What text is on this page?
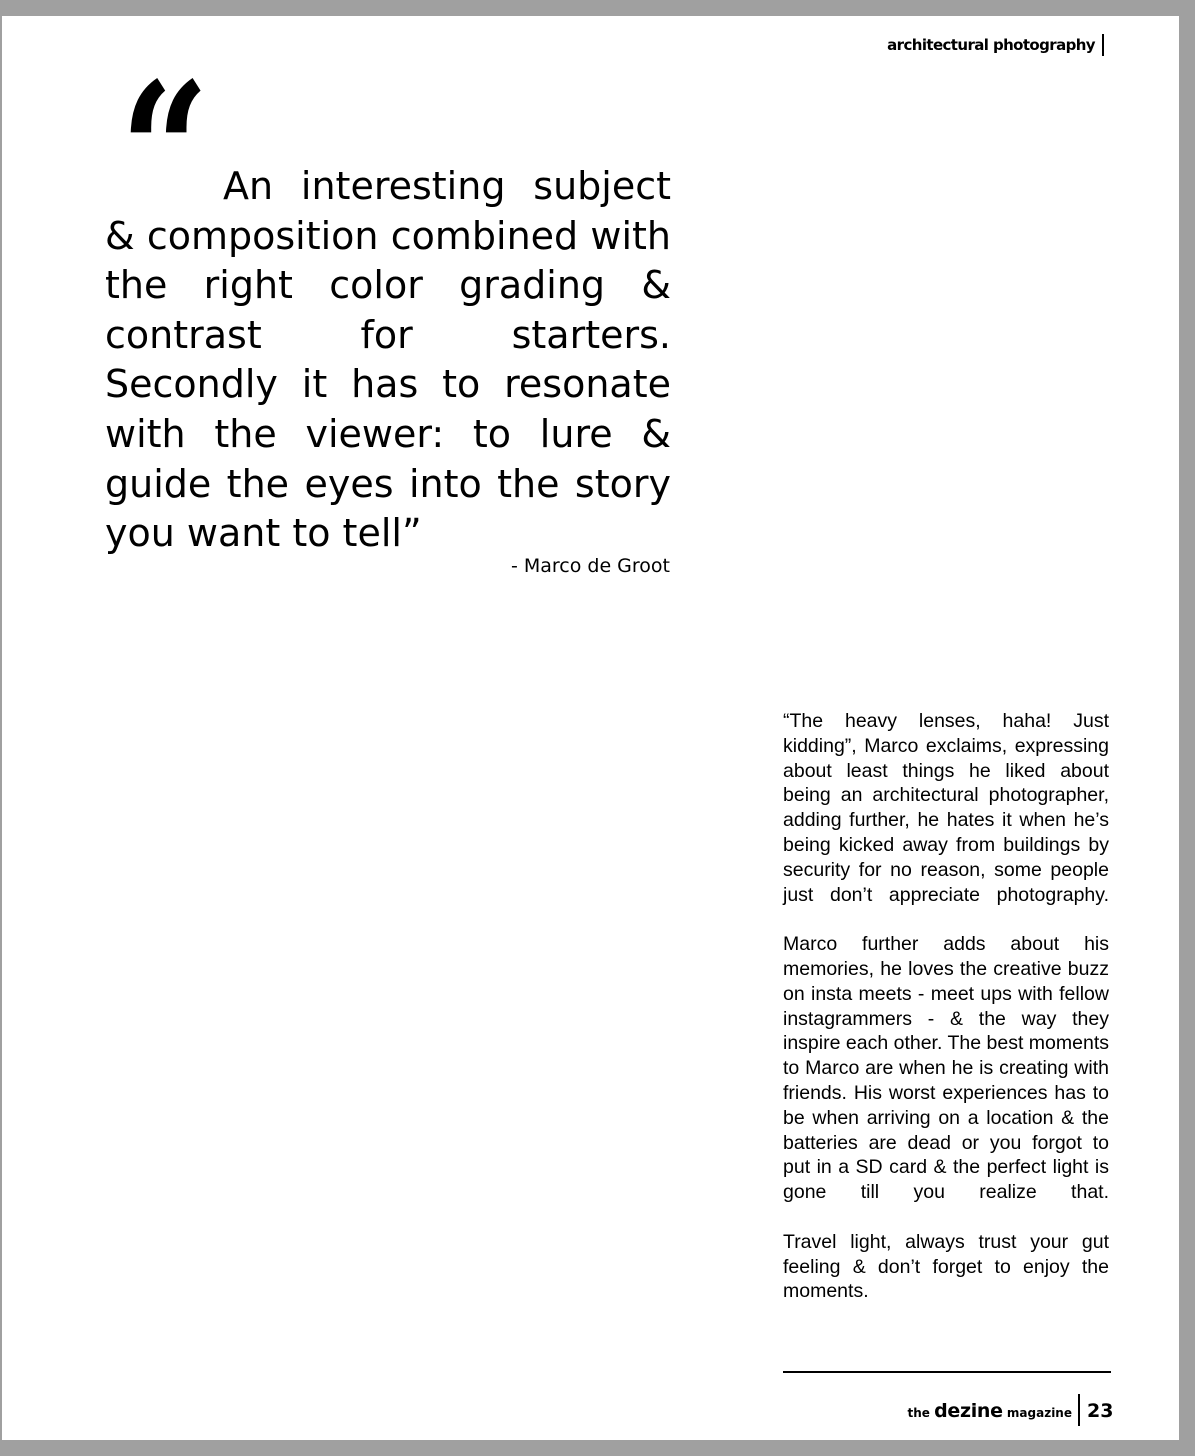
architectural photography
“ An interesting subject & composition combined with the right color grading & contrast for starters. Secondly it has to resonate with the viewer: to lure & guide the eyes into the story you want to tell”

- Marco de Groot

“The heavy lenses, haha! Just kidding”, Marco exclaims, expressing about least things he liked about being an architectural photographer, adding further, he hates it when he’s being kicked away from buildings by security for no reason, some people just don’t appreciate photography.

Marco further adds about his memories, he loves the creative buzz on insta meets - meet ups with fellow instagrammers - & the way they inspire each other. The best moments to Marco are when he is creating with friends. His worst experiences has to be when arriving on a location & the batteries are dead or you forgot to put in a SD card & the perfect light is gone till you realize that.

Travel light, always trust your gut feeling & don’t forget to enjoy the moments.

the dezine magazine 23
